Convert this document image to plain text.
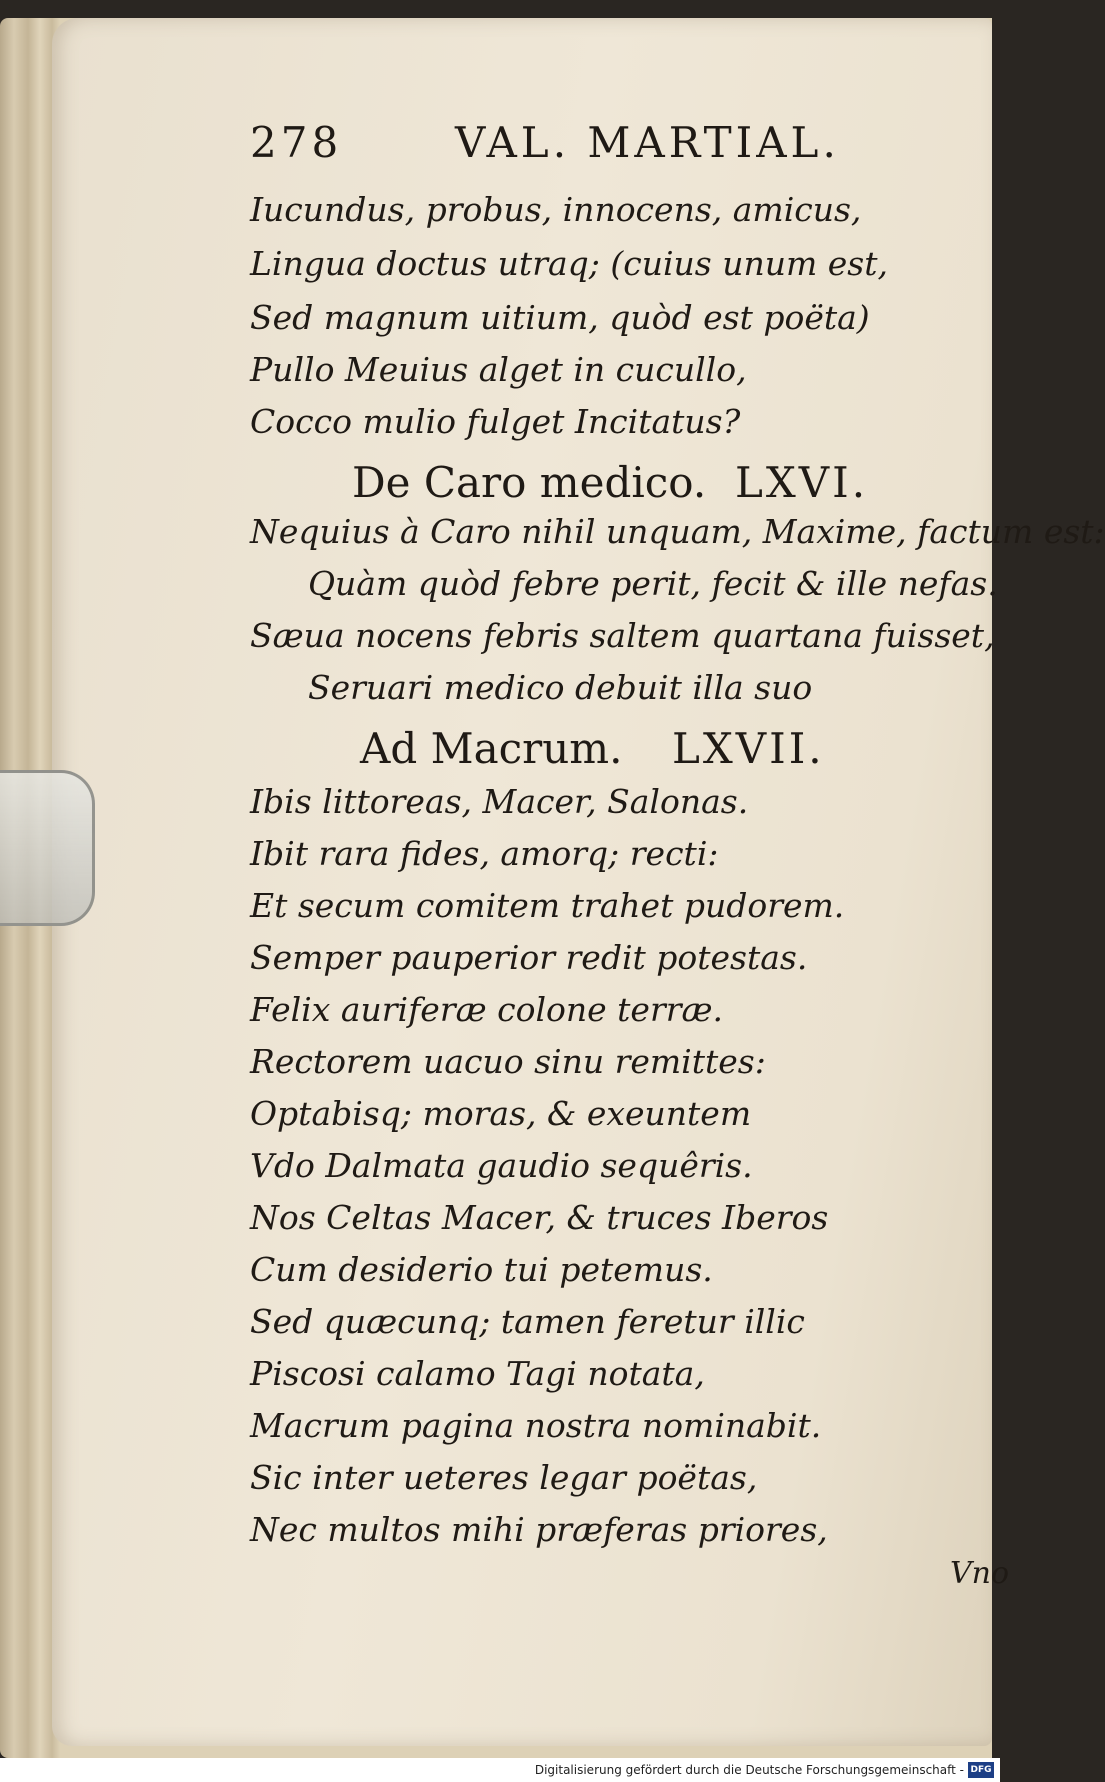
278	VAL. MARTIAL.
Iucundus, probus, innocens, amicus,
Lingua doctus utraq; (cuius unum est,
Sed magnum uitium, quòd est poëta)
Pullo Meuius alget in cucullo,
Cocco mulio fulget Incitatus?
De Caro medico. LXVI.
Nequius à Caro nihil unquam, Maxime, factum est:
Quàm quòd febre perit, fecit & ille nefas.
Sæua nocens febris saltem quartana fuisset,
Seruari medico debuit illa suo
Ad Macrum. LXVII.
Ibis littoreas, Macer, Salonas.
Ibit rara fides, amorq; recti:
Et secum comitem trahet pudorem.
Semper pauperior redit potestas.
Felix auriferæ colone terræ.
Rectorem uacuo sinu remittes:
Optabisq; moras, & exeuntem
Vdo Dalmata gaudio sequêris.
Nos Celtas Macer, & truces Iberos
Cum desiderio tui petemus.
Sed quæcunq; tamen feretur illic
Piscosi calamo Tagi notata,
Macrum pagina nostra nominabit.
Sic inter ueteres legar poëtas,
Nec multos mihi præferas priores,
Vno
Digitalisierung gefördert durch die Deutsche Forschungsgemeinschaft - DFG
